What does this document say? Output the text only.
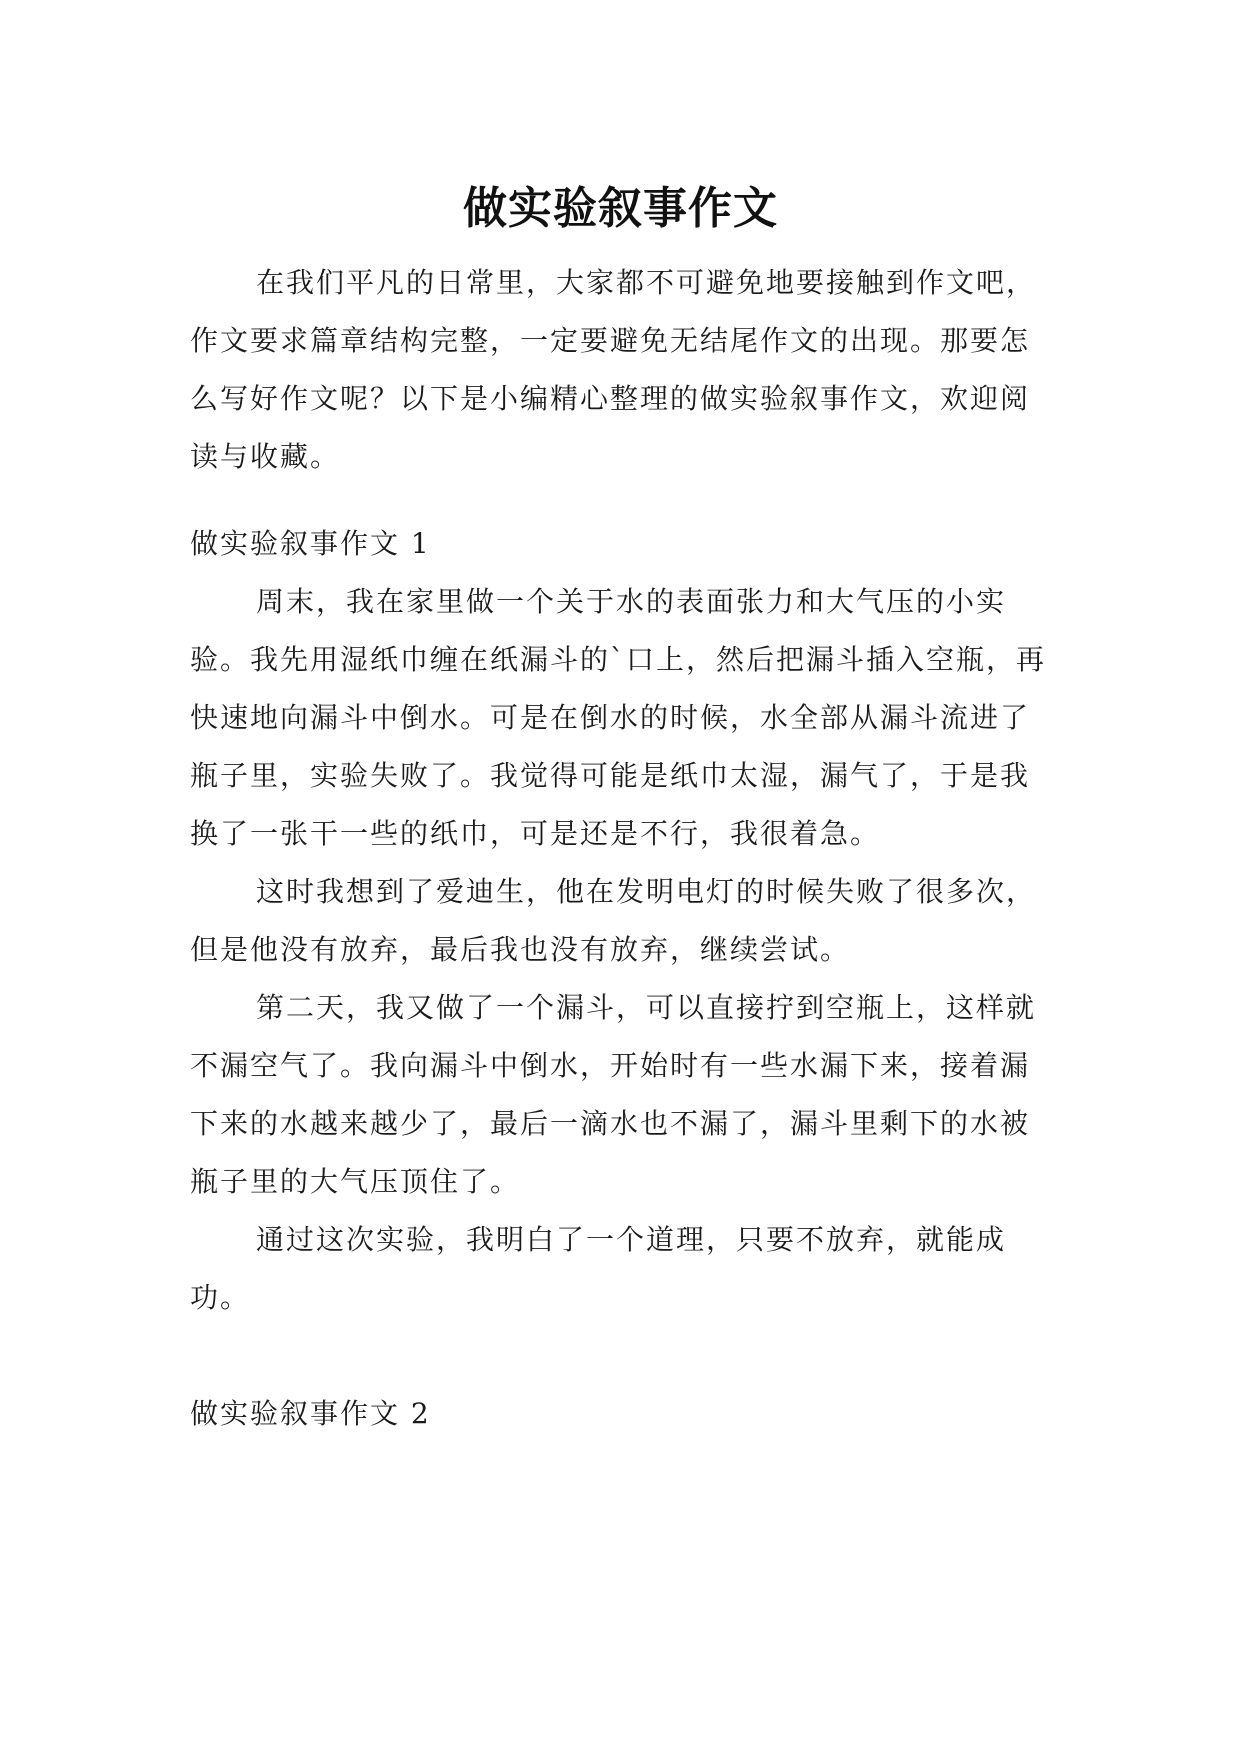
做实验叙事作文

在我们平凡的日常里，大家都不可避免地要接触到作文吧，作文要求篇章结构完整，一定要避免无结尾作文的出现。那要怎么写好作文呢？以下是小编精心整理的做实验叙事作文，欢迎阅读与收藏。

做实验叙事作文 1

周末，我在家里做一个关于水的表面张力和大气压的小实验。我先用湿纸巾缠在纸漏斗的`口上，然后把漏斗插入空瓶，再快速地向漏斗中倒水。可是在倒水的时候，水全部从漏斗流进了瓶子里，实验失败了。我觉得可能是纸巾太湿，漏气了，于是我换了一张干一些的纸巾，可是还是不行，我很着急。

这时我想到了爱迪生，他在发明电灯的时候失败了很多次，但是他没有放弃，最后我也没有放弃，继续尝试。

第二天，我又做了一个漏斗，可以直接拧到空瓶上，这样就不漏空气了。我向漏斗中倒水，开始时有一些水漏下来，接着漏下来的水越来越少了，最后一滴水也不漏了，漏斗里剩下的水被瓶子里的大气压顶住了。

通过这次实验，我明白了一个道理，只要不放弃，就能成功。

做实验叙事作文 2
